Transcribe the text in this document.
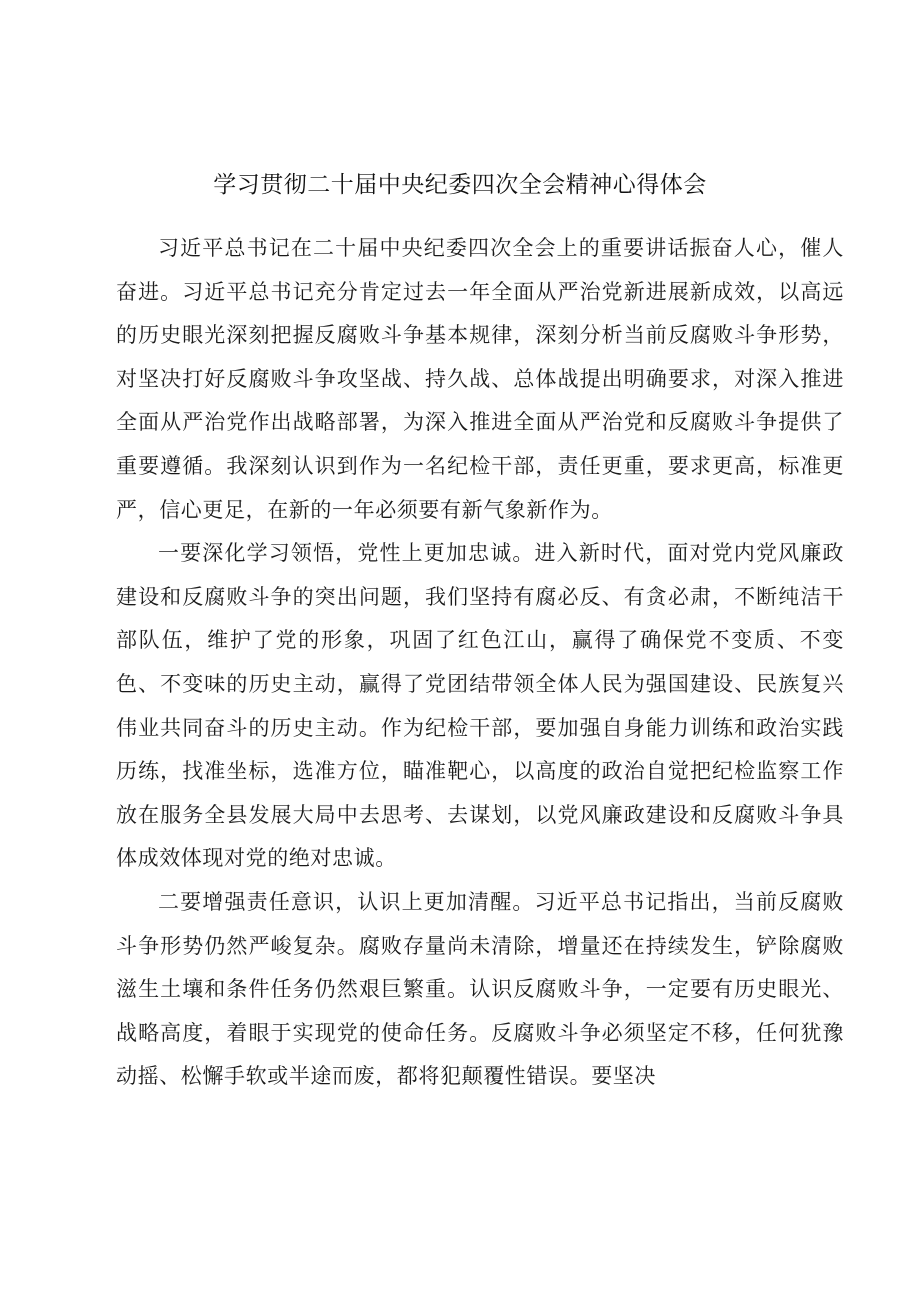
学习贯彻二十届中央纪委四次全会精神心得体会

习近平总书记在二十届中央纪委四次全会上的重要讲话振奋人心，催人奋进。习近平总书记充分肯定过去一年全面从严治党新进展新成效，以高远的历史眼光深刻把握反腐败斗争基本规律，深刻分析当前反腐败斗争形势，对坚决打好反腐败斗争攻坚战、持久战、总体战提出明确要求，对深入推进全面从严治党作出战略部署，为深入推进全面从严治党和反腐败斗争提供了重要遵循。我深刻认识到作为一名纪检干部，责任更重，要求更高，标准更严，信心更足，在新的一年必须要有新气象新作为。

一要深化学习领悟，党性上更加忠诚。进入新时代，面对党内党风廉政建设和反腐败斗争的突出问题，我们坚持有腐必反、有贪必肃，不断纯洁干部队伍，维护了党的形象，巩固了红色江山，赢得了确保党不变质、不变色、不变味的历史主动，赢得了党团结带领全体人民为强国建设、民族复兴伟业共同奋斗的历史主动。作为纪检干部，要加强自身能力训练和政治实践历练，找准坐标，选准方位，瞄准靶心，以高度的政治自觉把纪检监察工作放在服务全县发展大局中去思考、去谋划，以党风廉政建设和反腐败斗争具体成效体现对党的绝对忠诚。

二要增强责任意识，认识上更加清醒。习近平总书记指出，当前反腐败斗争形势仍然严峻复杂。腐败存量尚未清除，增量还在持续发生，铲除腐败滋生土壤和条件任务仍然艰巨繁重。认识反腐败斗争，一定要有历史眼光、战略高度，着眼于实现党的使命任务。反腐败斗争必须坚定不移，任何犹豫动摇、松懈手软或半途而废，都将犯颠覆性错误。要坚决
